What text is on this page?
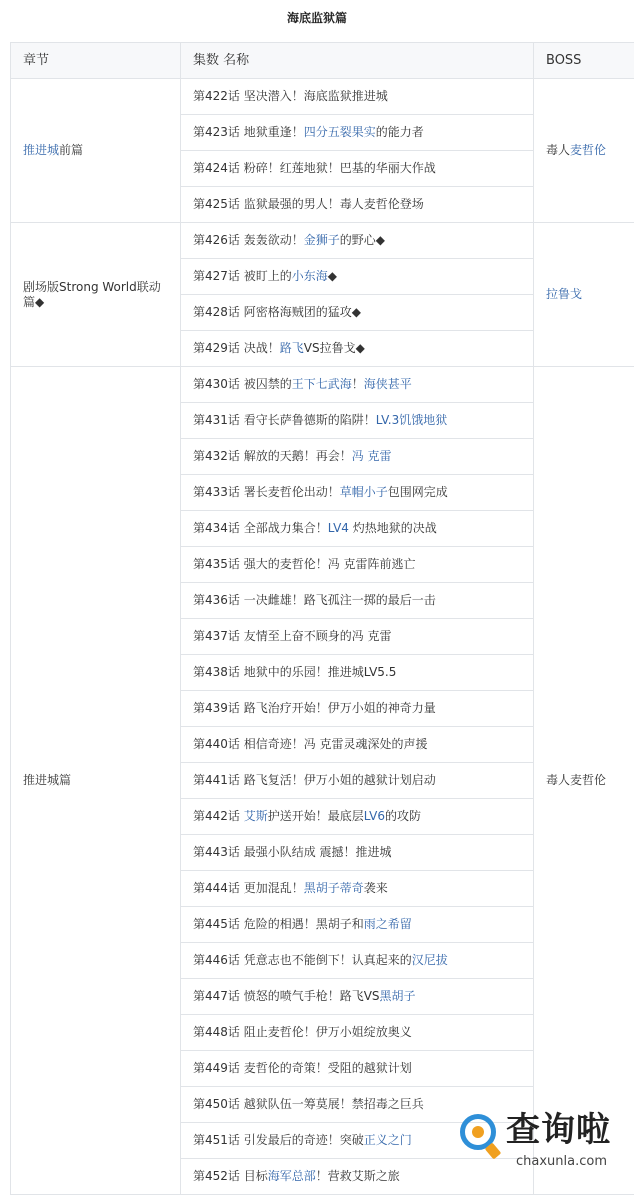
海底监狱篇
章节	集数 名称	BOSS
推进城前篇	第422话 坚决潜入！海底监狱推进城	毒人麦哲伦
	第423话 地狱重逢！四分五裂果实的能力者	
	第424话 粉碎！红莲地狱！巴基的华丽大作战	
	第425话 监狱最强的男人！毒人麦哲伦登场	
剧场版Strong World联动篇◆	第426话 轰轰欲动！金狮子的野心◆	拉鲁戈
	第427话 被盯上的小东海◆	
	第428话 阿密格海贼团的猛攻◆	
	第429话 决战！路飞VS拉鲁戈◆	
推进城篇	第430话 被囚禁的王下七武海！海侠甚平	毒人麦哲伦
	第431话 看守长萨鲁德斯的陷阱！LV.3饥饿地狱	
	第432话 解放的天鹅！再会！冯 克雷	
	第433话 署长麦哲伦出动！草帽小子包围网完成	
	第434话 全部战力集合！LV4 灼热地狱的决战	
	第435话 强大的麦哲伦！冯 克雷阵前逃亡	
	第436话 一决雌雄！路飞孤注一掷的最后一击	
	第437话 友情至上奋不顾身的冯 克雷	
	第438话 地狱中的乐园！推进城LV5.5	
	第439话 路飞治疗开始！伊万小姐的神奇力量	
	第440话 相信奇迹！冯 克雷灵魂深处的声援	
	第441话 路飞复活！伊万小姐的越狱计划启动	
	第442话 艾斯护送开始！最底层LV6的攻防	
	第443话 最强小队结成 震撼！推进城	
	第444话 更加混乱！黑胡子蒂奇袭来	
	第445话 危险的相遇！黑胡子和雨之希留	
	第446话 凭意志也不能倒下！认真起来的汉尼拔	
	第447话 愤怒的喷气手枪！路飞VS黑胡子	
	第448话 阻止麦哲伦！伊万小姐绽放奥义	
	第449话 麦哲伦的奇策！受阻的越狱计划	
	第450话 越狱队伍一筹莫展！禁招毒之巨兵	
	第451话 引发最后的奇迹！突破正义之门	
	第452话 目标海军总部！营救艾斯之旅	
查询啦
chaxunla.com
